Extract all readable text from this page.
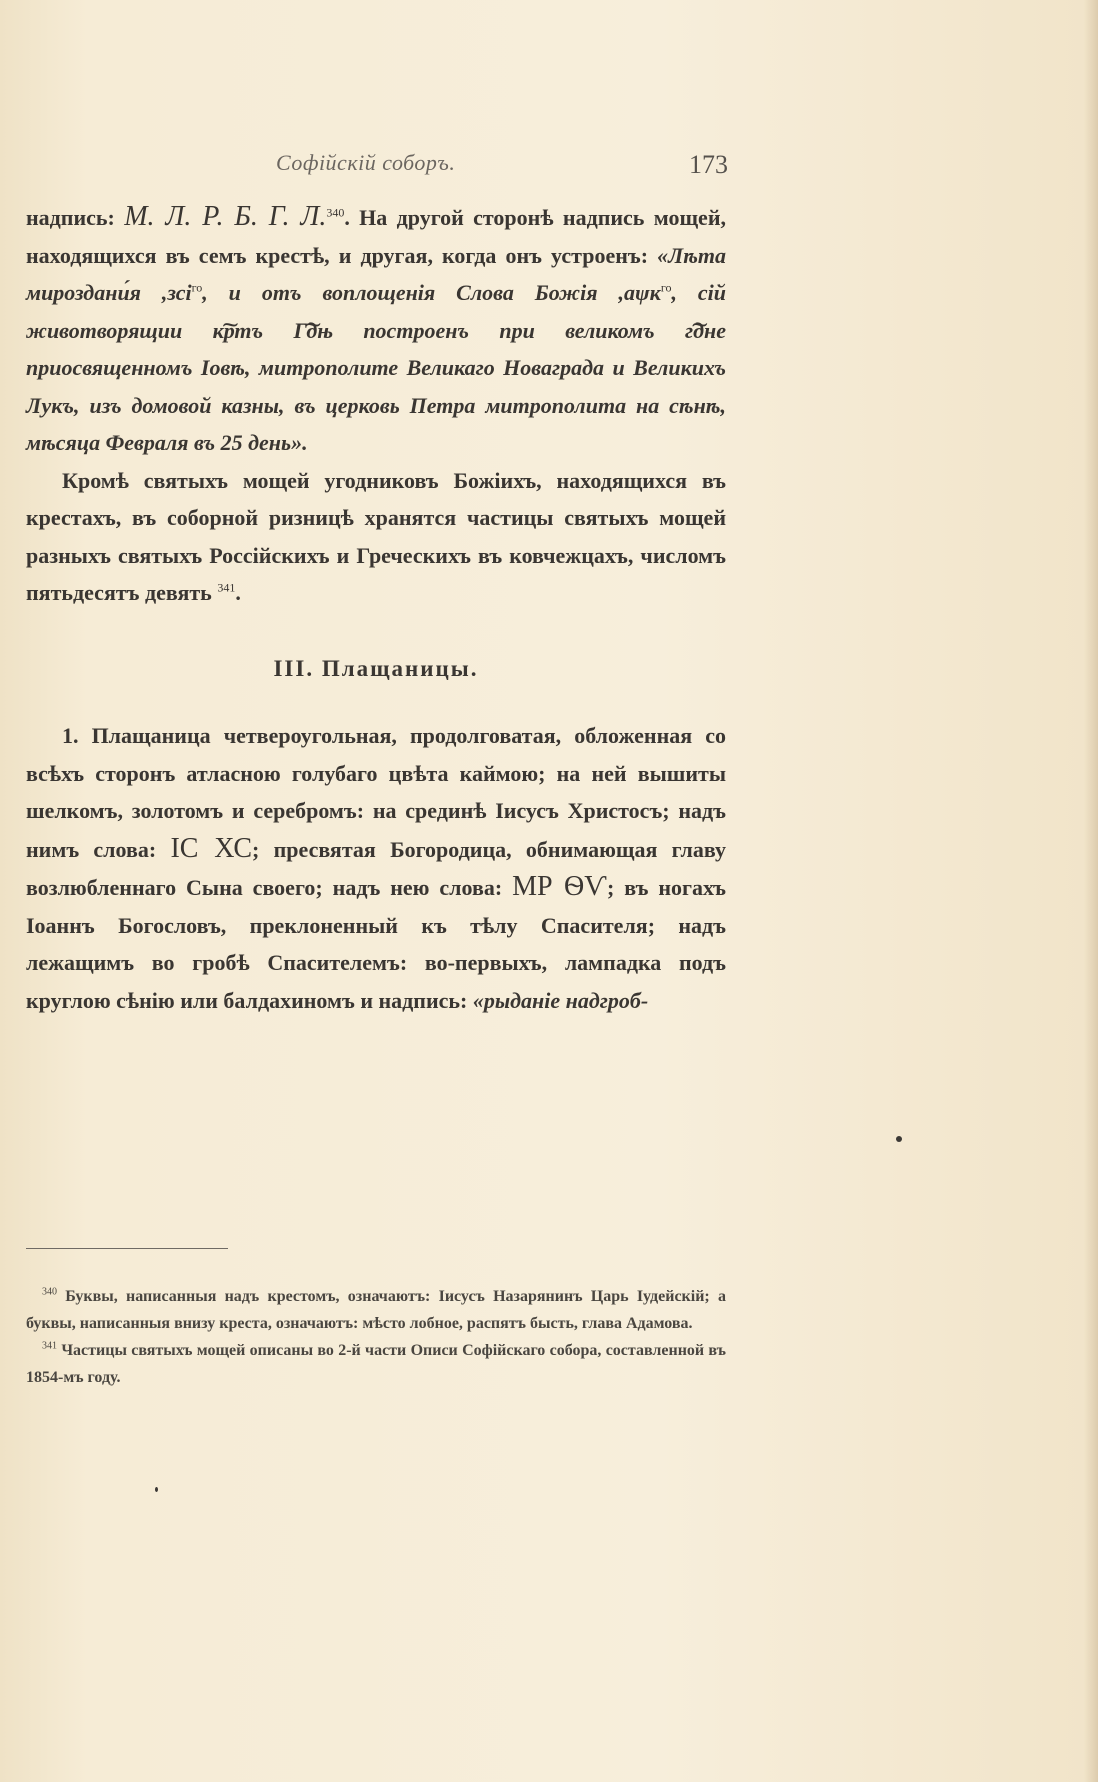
Софійскій соборъ.	173

надпись: М. Л. Р. Б. Г. Л.$^{340}$. На другой сторонѣ надпись мощей, находящихся въ семъ крестѣ, и другая, когда онъ устроенъ: «Лѣта мироздани́я ,зсі$^{го}$, и отъ воплощенія Слова Божія ,аѱк$^{го}$, сій животворящии к͠ртъ Г͠дњ построенъ при великомъ г͠дне приосвященномъ Іовѣ, митрополите Великаго Новаграда и Великихъ Лукъ, изъ домовой казны, въ церковь Петра митрополита на сѣнѣ, мѣсяца Февраля въ 25 день».

Кромѣ святыхъ мощей угодниковъ Божіихъ, находящихся въ крестахъ, въ соборной ризницѣ хранятся частицы святыхъ мощей разныхъ святыхъ Россійскихъ и Греческихъ въ ковчежцахъ, числомъ пятьдесятъ девять $^{341}$.

III. Плащаницы.

1. Плащаница четвероугольная, продолговатая, обложенная со всѣхъ сторонъ атласною голубаго цвѣта каймою; на ней вышиты шелкомъ, золотомъ и серебромъ: на срединѣ Іисусъ Христосъ; надъ нимъ слова: ІС ХС; пресвятая Богородица, обнимающая главу возлюбленнаго Сына своего; надъ нею слова: МР ѲѴ; въ ногахъ Іоаннъ Богословъ, преклоненный къ тѣлу Спасителя; надъ лежащимъ во гробѣ Спасителемъ: во-первыхъ, лампадка подъ круглою сѣнію или балдахиномъ и надпись: «рыданіе надгроб-

$^{340}$ Буквы, написанныя надъ крестомъ, означаютъ: Іисусъ Назарянинъ Царь Іудейскій; а буквы, написанныя внизу креста, означаютъ: мѣсто лобное, распятъ бысть, глава Адамова.

$^{341}$ Частицы святыхъ мощей описаны во 2-й части Описи Софійскаго собора, составленной въ 1854-мъ году.
